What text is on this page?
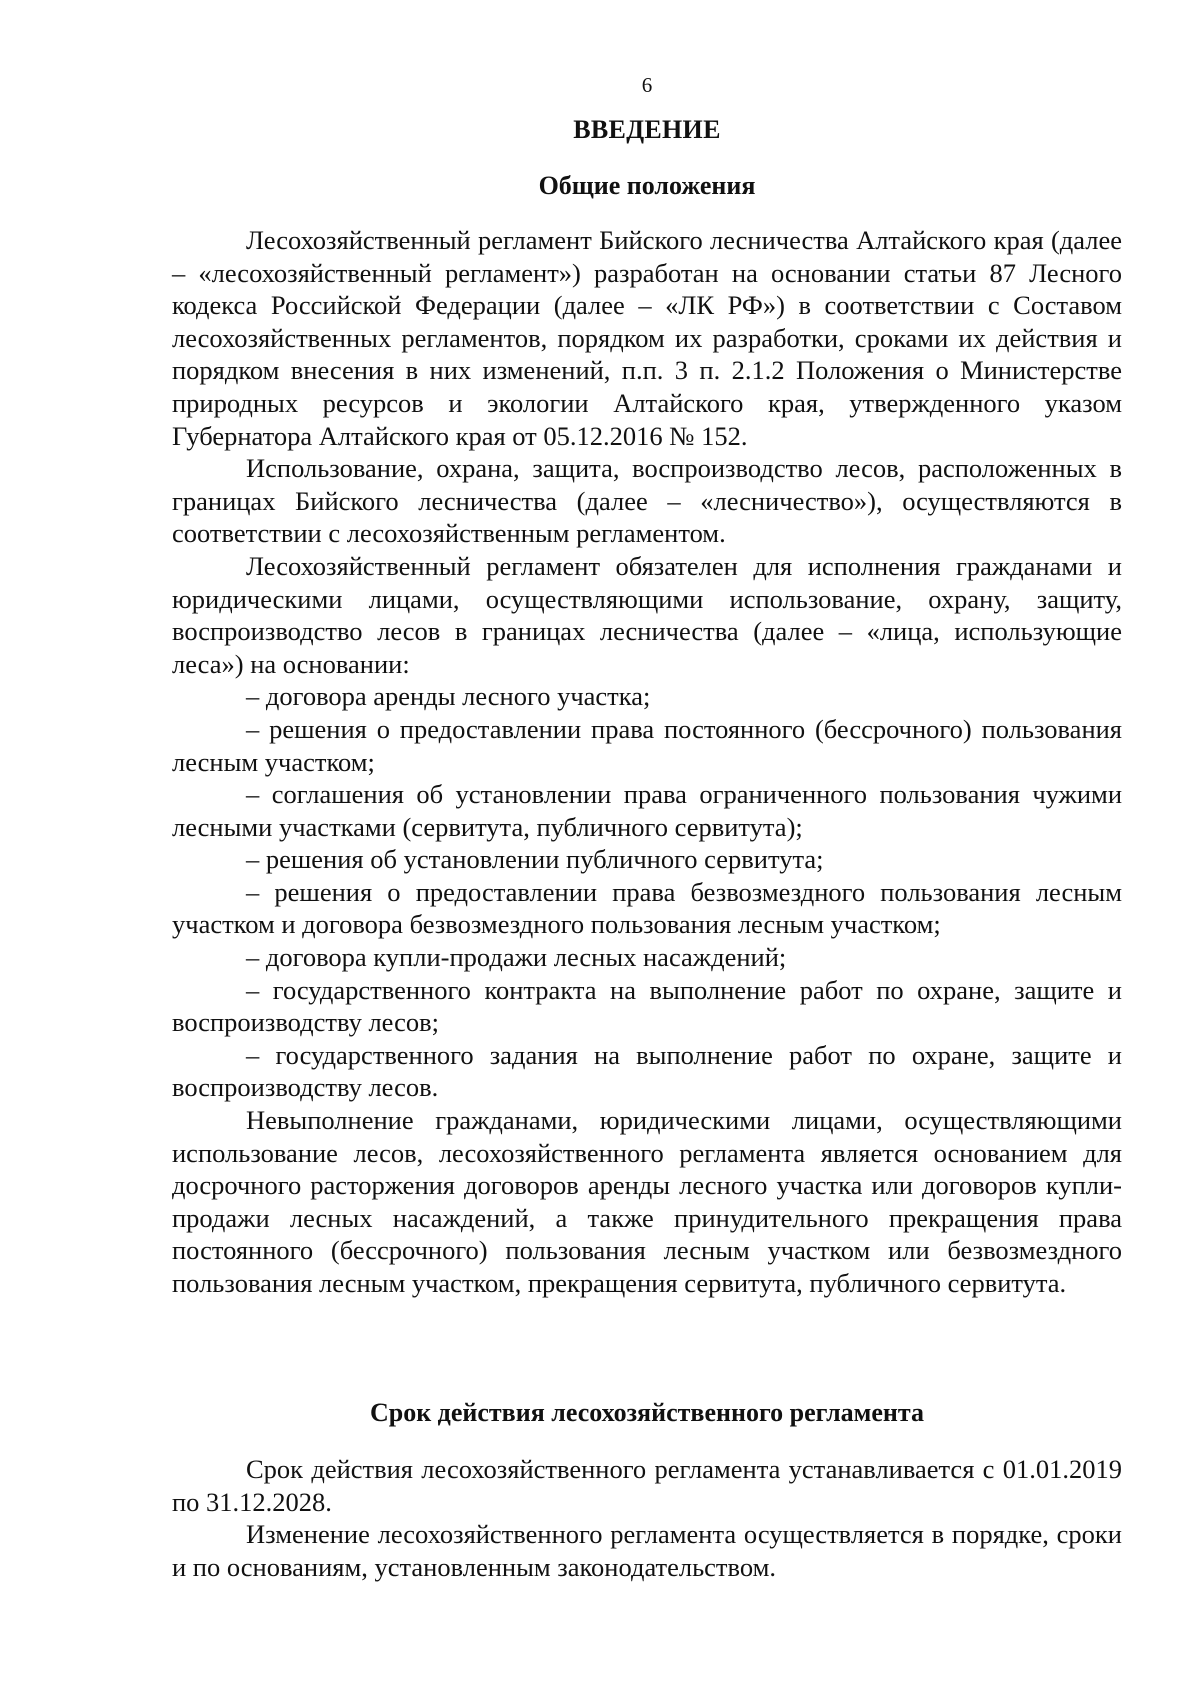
6
ВВЕДЕНИЕ
Общие положения

Лесохозяйственный регламент Бийского лесничества Алтайского края (далее – «лесохозяйственный регламент») разработан на основании статьи 87 Лесного кодекса Российской Федерации (далее – «ЛК РФ») в соответствии с Составом лесохозяйственных регламентов, порядком их разработки, сроками их действия и порядком внесения в них изменений, п.п. 3 п. 2.1.2 Положения о Министерстве природных ресурсов и экологии Алтайского края, утвержденного указом Губернатора Алтайского края от 05.12.2016 № 152.

Использование, охрана, защита, воспроизводство лесов, расположенных в границах Бийского лесничества (далее – «лесничество»), осуществляются в соответствии с лесохозяйственным регламентом.

Лесохозяйственный регламент обязателен для исполнения гражданами и юридическими лицами, осуществляющими использование, охрану, защиту, воспроизводство лесов в границах лесничества (далее – «лица, использующие леса») на основании:

– договора аренды лесного участка;

– решения о предоставлении права постоянного (бессрочного) пользования лесным участком;

– соглашения об установлении права ограниченного пользования чужими лесными участками (сервитута, публичного сервитута);

– решения об установлении публичного сервитута;

– решения о предоставлении права безвозмездного пользования лесным участком и договора безвозмездного пользования лесным участком;

– договора купли-продажи лесных насаждений;

– государственного контракта на выполнение работ по охране, защите и воспроизводству лесов;

– государственного задания на выполнение работ по охране, защите и воспроизводству лесов.

Невыполнение гражданами, юридическими лицами, осуществляющими использование лесов, лесохозяйственного регламента является основанием для досрочного расторжения договоров аренды лесного участка или договоров купли-продажи лесных насаждений, а также принудительного прекращения права постоянного (бессрочного) пользования лесным участком или безвозмездного пользования лесным участком, прекращения сервитута, публичного сервитута.

Срок действия лесохозяйственного регламента

Срок действия лесохозяйственного регламента устанавливается с 01.01.2019 по 31.12.2028.

Изменение лесохозяйственного регламента осуществляется в порядке, сроки и по основаниям, установленным законодательством.
